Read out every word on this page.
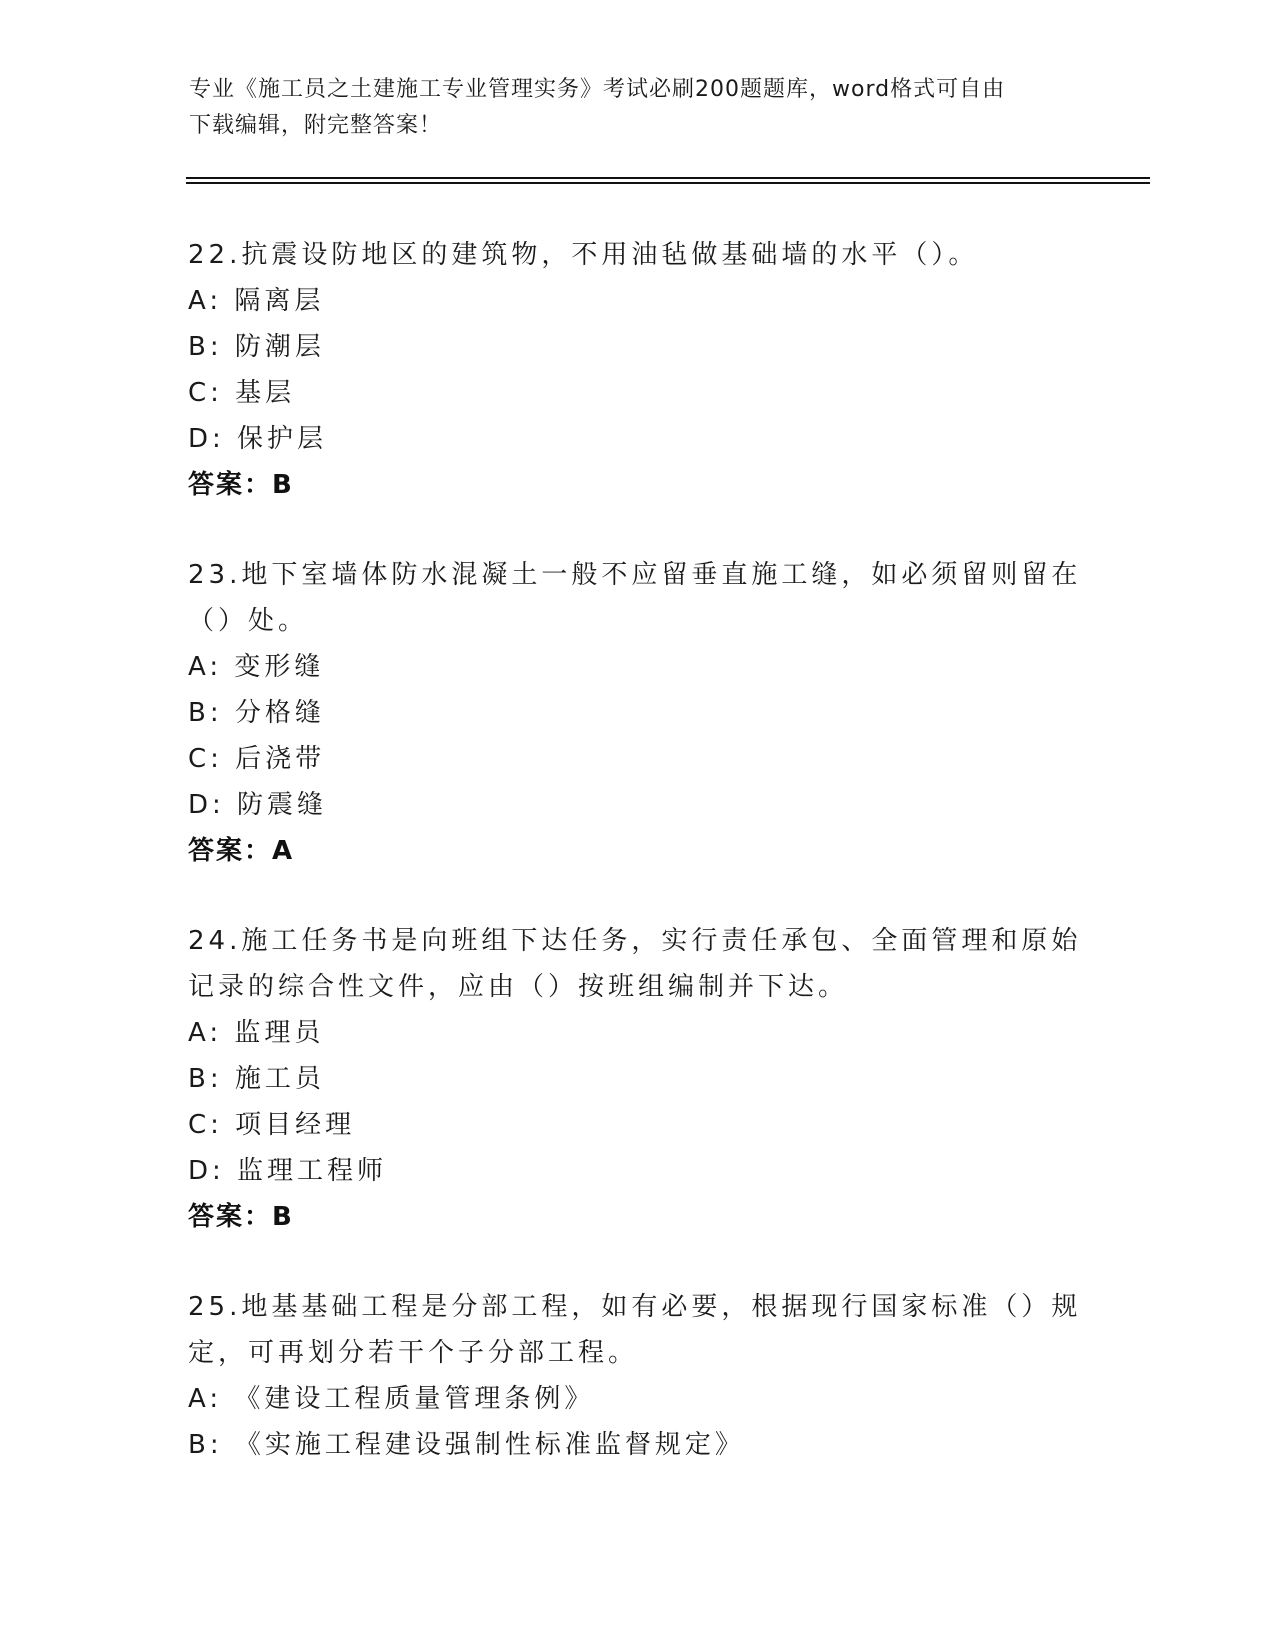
专业《施工员之土建施工专业管理实务》考试必刷200题题库，word格式可自由
下载编辑，附完整答案！

22.抗震设防地区的建筑物，不用油毡做基础墙的水平（）。

A: 隔离层

B: 防潮层

C: 基层

D: 保护层

答案：B

23.地下室墙体防水混凝土一般不应留垂直施工缝，如必须留则留在（）处。

A: 变形缝

B: 分格缝

C: 后浇带

D: 防震缝

答案：A

24.施工任务书是向班组下达任务，实行责任承包、全面管理和原始记录的综合性文件，应由（）按班组编制并下达。

A: 监理员

B: 施工员

C: 项目经理

D: 监理工程师

答案：B

25.地基基础工程是分部工程，如有必要，根据现行国家标准（）规定，可再划分若干个子分部工程。

A: 《建设工程质量管理条例》

B: 《实施工程建设强制性标准监督规定》
